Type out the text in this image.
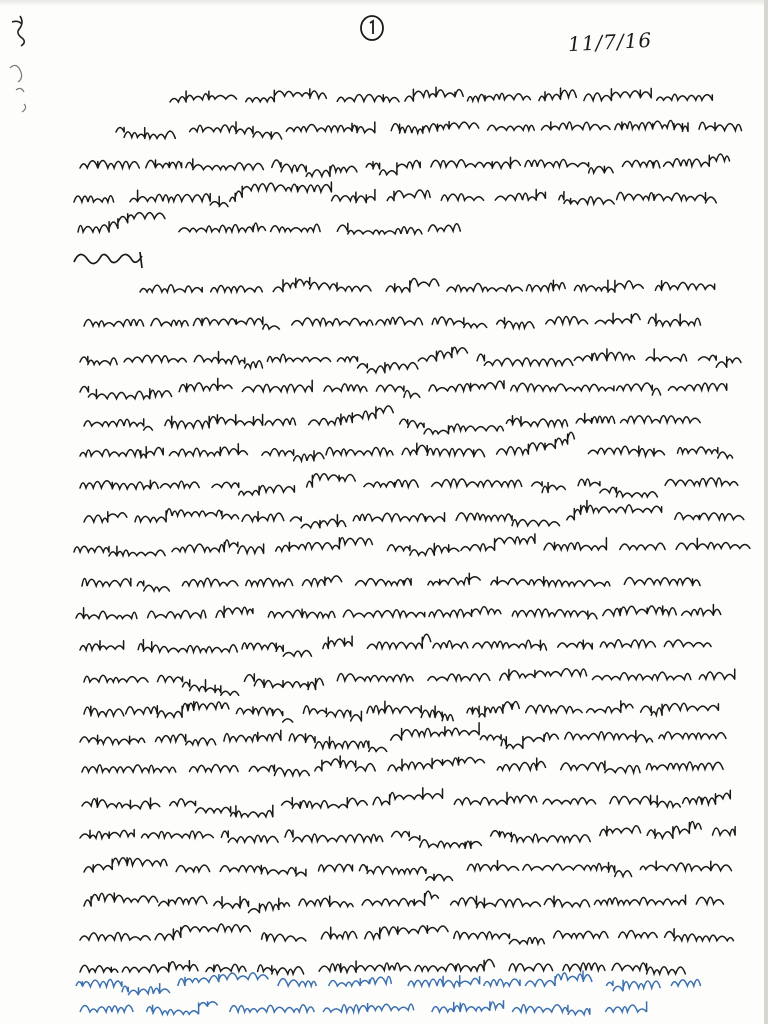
11/7/16
